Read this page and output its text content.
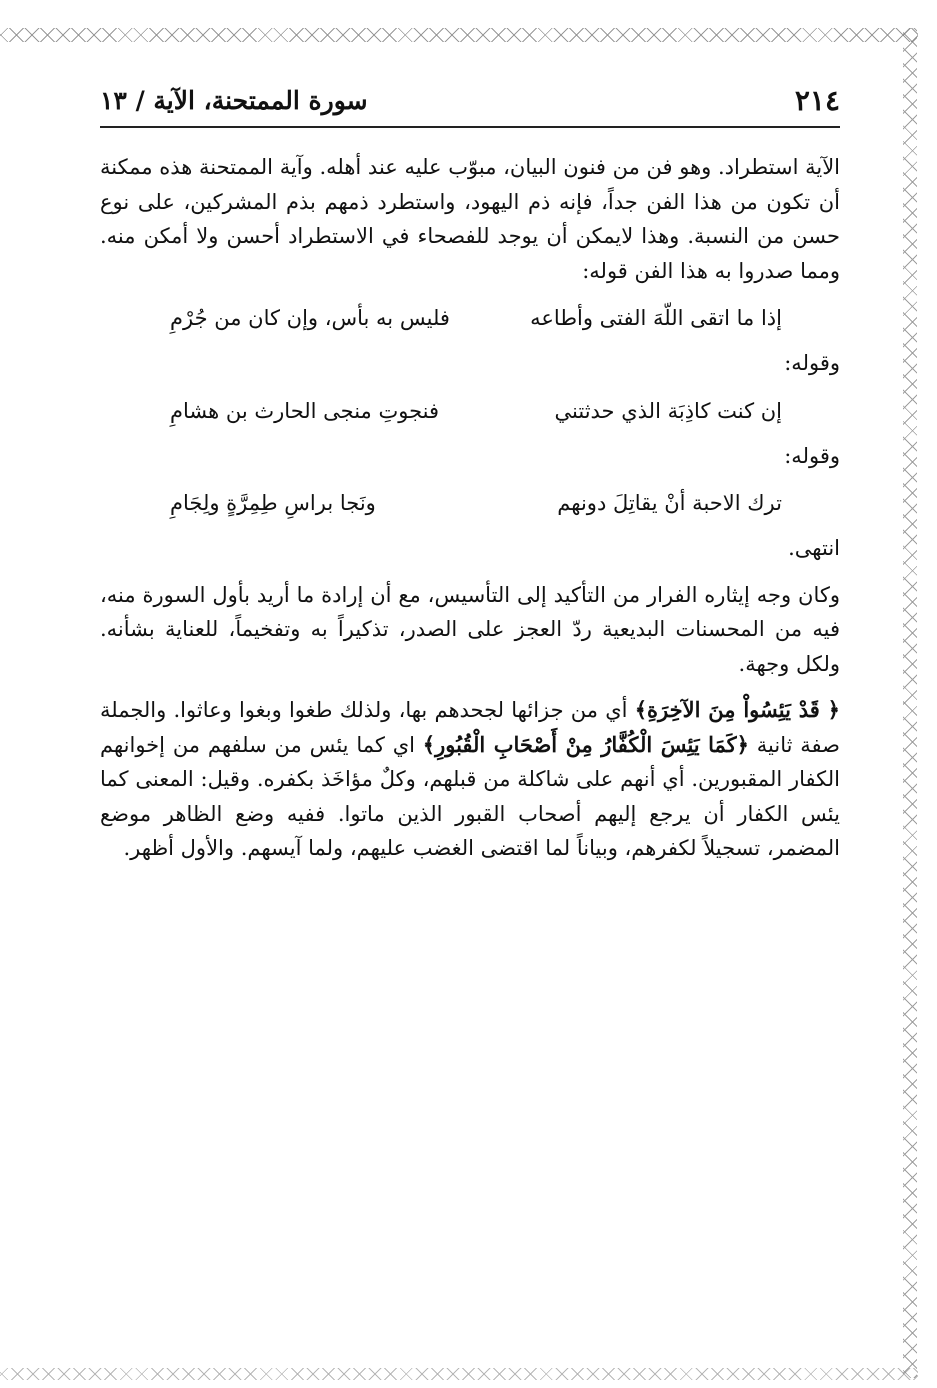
٢١٤
سورة الممتحنة، الآية / ١٣

الآية استطراد. وهو فن من فنون البيان، مبوّب عليه عند أهله. وآية الممتحنة هذه ممكنة أن تكون من هذا الفن جداً، فإنه ذم اليهود، واستطرد ذمهم بذم المشركين، على نوع حسن من النسبة. وهذا لايمكن أن يوجد للفصحاء في الاستطراد أحسن ولا أمكن منه. ومما صدروا به هذا الفن قوله:

إذا ما اتقى اللّهَ الفتى وأطاعه
فليس به بأس، وإن كان من جُرْمِ

وقوله:

إن كنت كاذِبَة الذي حدثتني
فنجوتِ منجى الحارث بن هشامِ

وقوله:

ترك الاحبة أنْ يقاتِلَ دونهم
ونَجا براسِ طِمِرَّةٍ ولِجَامِ

انتهى.

وكان وجه إيثاره الفرار من التأكيد إلى التأسيس، مع أن إرادة ما أريد بأول السورة منه، فيه من المحسنات البديعية ردّ العجز على الصدر، تذكيراً به وتفخيماً، للعناية بشأنه. ولكل وجهة.

﴿ قَدْ يَئِسُواْ مِنَ الآخِرَةِ﴾ أي من جزائها لجحدهم بها، ولذلك طغوا وبغوا وعاثوا. والجملة صفة ثانية ﴿كَمَا يَئِسَ الْكُفَّارُ مِنْ أَصْحَابِ الْقُبُورِ﴾ اي كما يئس من سلفهم من إخوانهم الكفار المقبورين. أي أنهم على شاكلة من قبلهم، وكلٌ مؤاخَذ بكفره. وقيل: المعنى كما يئس الكفار أن يرجع إليهم أصحاب القبور الذين ماتوا. ففيه وضع الظاهر موضع المضمر، تسجيلاً لكفرهم، وبياناً لما اقتضى الغضب عليهم، ولما آيسهم. والأول أظهر.
